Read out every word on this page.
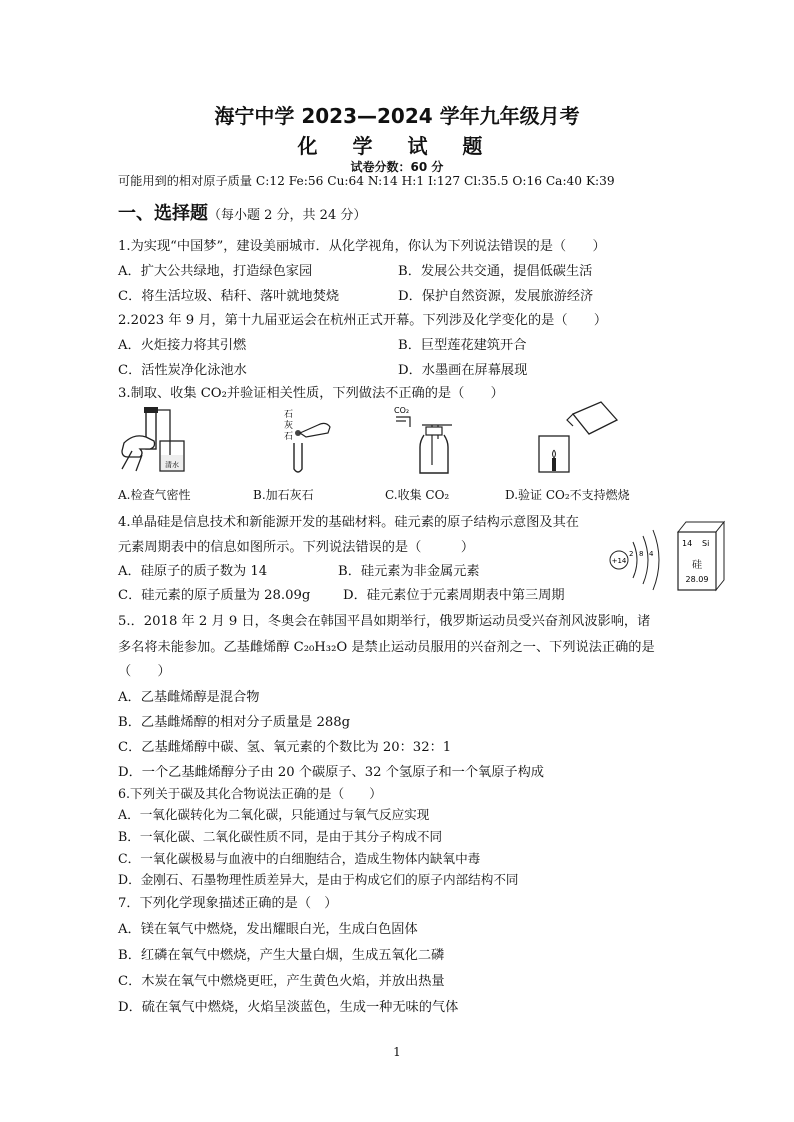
海宁中学 2023—2024 学年九年级月考
化 学 试 题
试卷分数：60 分
可能用到的相对原子质量 C:12 Fe:56 Cu:64 N:14 H:1 I:127 Cl:35.5 O:16 Ca:40 K:39
一、选择题（每小题 2 分，共 24 分）
1.为实现“中国梦”，建设美丽城市．从化学视角，你认为下列说法错误的是（　　）
A．扩大公共绿地，打造绿色家园	B．发展公共交通，提倡低碳生活
C．将生活垃圾、秸秆、落叶就地焚烧	D．保护自然资源，发展旅游经济
2.2023 年 9 月，第十九届亚运会在杭州正式开幕。下列涉及化学变化的是（　　）
A．火炬接力将其引燃	B．巨型莲花建筑开合
C．活性炭净化泳池水	D．水墨画在屏幕展现
3.制取、收集 CO₂并验证相关性质，下列做法不正确的是（　　）
清水
石
灰
石
CO₂
A.检查气密性	B.加石灰石	C.收集 CO₂	D.验证 CO₂不支持燃烧
4.单晶硅是信息技术和新能源开发的基础材料。硅元素的原子结构示意图及其在
元素周期表中的信息如图所示。下列说法错误的是（　　　）
A．硅原子的质子数为 14	B．硅元素为非金属元素
C．硅元素的原子质量为 28.09g D．硅元素位于元素周期表中第三周期
+14
2 8 4
14 Si
硅
28.09
5.．2018 年 2 月 9 日，冬奥会在韩国平昌如期举行，俄罗斯运动员受兴奋剂风波影响，诸
多名将未能参加。乙基雌烯醇 C₂₀H₃₂O 是禁止运动员服用的兴奋剂之一、下列说法正确的是
（　　）
A．乙基雌烯醇是混合物
B．乙基雌烯醇的相对分子质量是 288g
C．乙基雌烯醇中碳、氢、氧元素的个数比为 20：32：1
D．一个乙基雌烯醇分子由 20 个碳原子、32 个氢原子和一个氧原子构成
6.下列关于碳及其化合物说法正确的是（　　）
A．一氧化碳转化为二氧化碳，只能通过与氧气反应实现
B．一氧化碳、二氧化碳性质不同，是由于其分子构成不同
C．一氧化碳极易与血液中的白细胞结合，造成生物体内缺氧中毒
D．金刚石、石墨物理性质差异大，是由于构成它们的原子内部结构不同
7．下列化学现象描述正确的是（　）
A．镁在氧气中燃烧，发出耀眼白光，生成白色固体
B．红磷在氧气中燃烧，产生大量白烟，生成五氧化二磷
C．木炭在氧气中燃烧更旺，产生黄色火焰，并放出热量
D．硫在氧气中燃烧，火焰呈淡蓝色，生成一种无味的气体
1
